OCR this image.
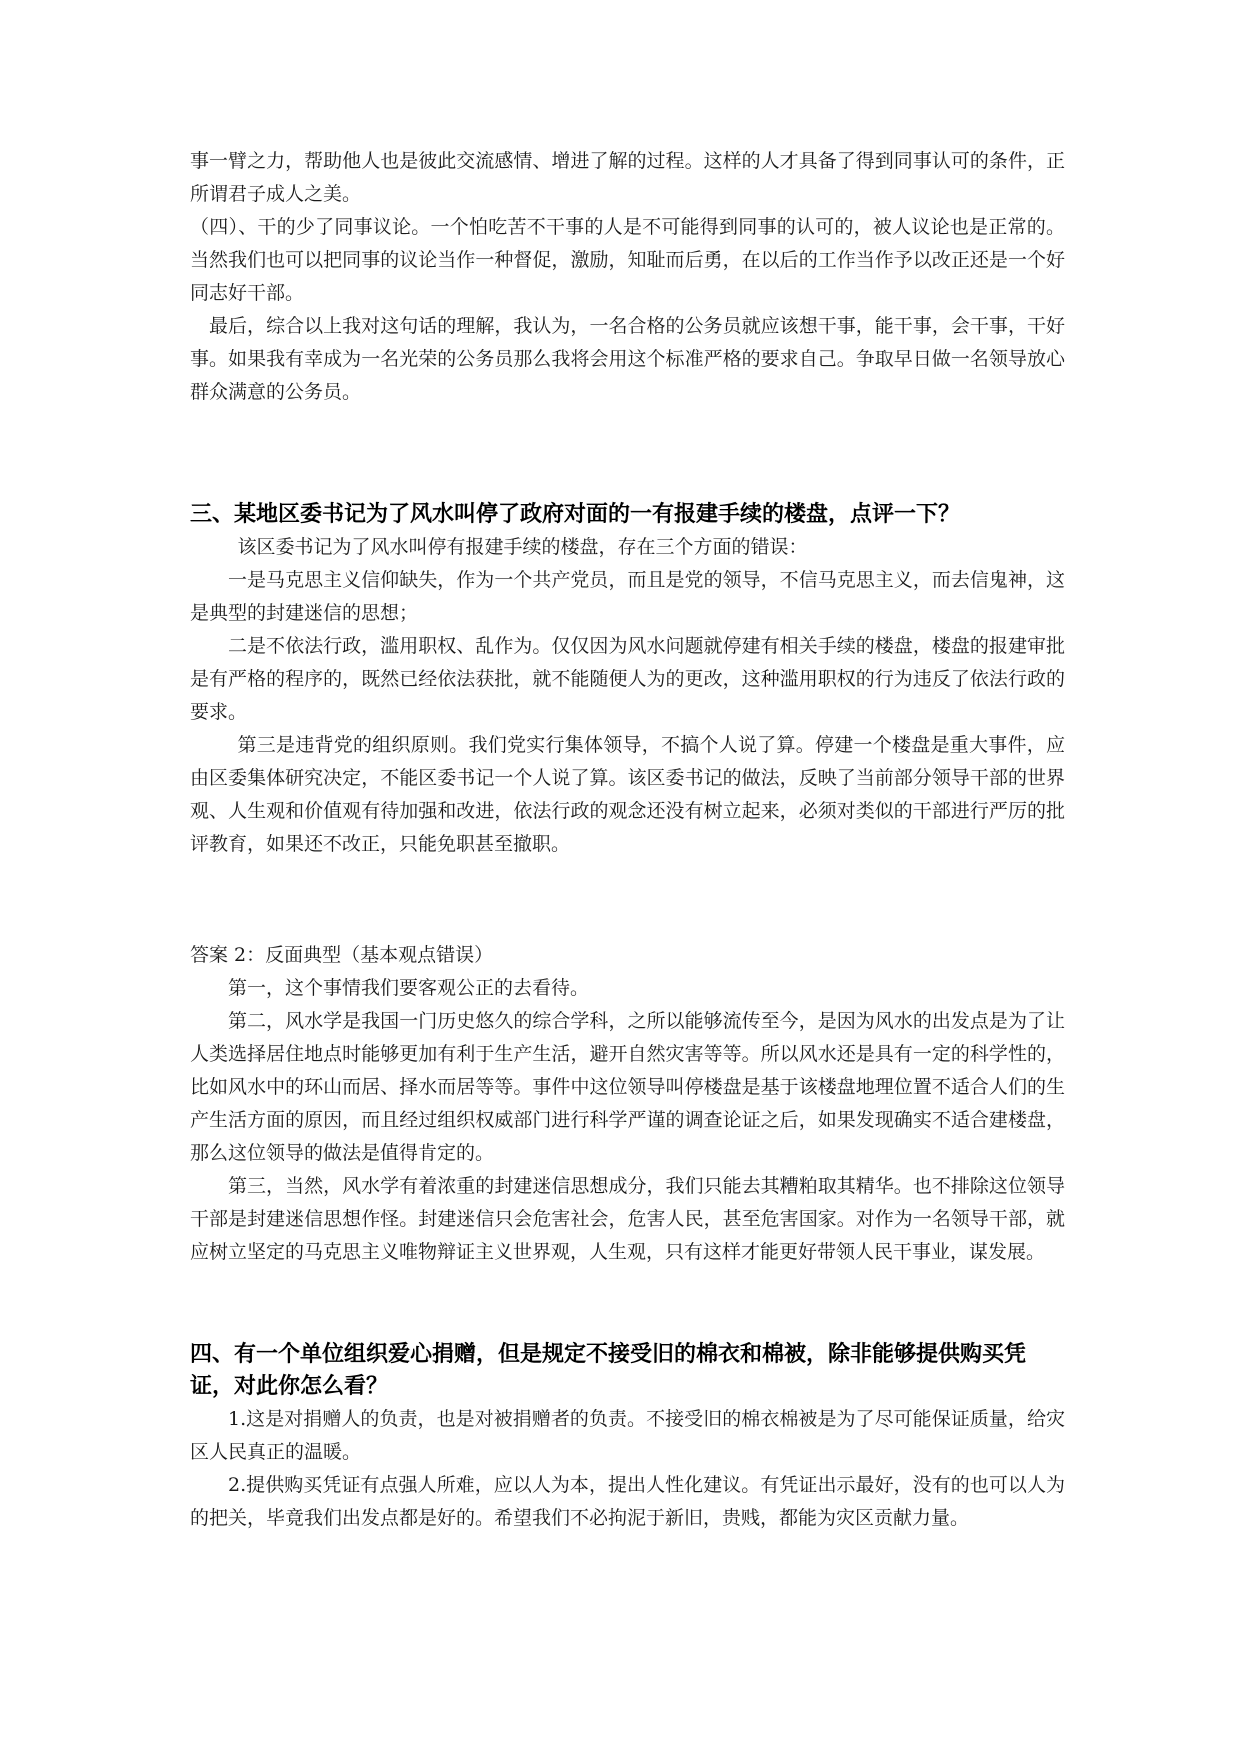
事一臂之力，帮助他人也是彼此交流感情、增进了解的过程。这样的人才具备了得到同事认可的条件，正所谓君子成人之美。

（四）、干的少了同事议论。一个怕吃苦不干事的人是不可能得到同事的认可的，被人议论也是正常的。当然我们也可以把同事的议论当作一种督促，激励，知耻而后勇，在以后的工作当作予以改正还是一个好同志好干部。

最后，综合以上我对这句话的理解，我认为，一名合格的公务员就应该想干事，能干事，会干事，干好事。如果我有幸成为一名光荣的公务员那么我将会用这个标准严格的要求自己。争取早日做一名领导放心群众满意的公务员。

三、某地区委书记为了风水叫停了政府对面的一有报建手续的楼盘，点评一下？

该区委书记为了风水叫停有报建手续的楼盘，存在三个方面的错误：

一是马克思主义信仰缺失，作为一个共产党员，而且是党的领导，不信马克思主义，而去信鬼神，这是典型的封建迷信的思想；

二是不依法行政，滥用职权、乱作为。仅仅因为风水问题就停建有相关手续的楼盘，楼盘的报建审批是有严格的程序的，既然已经依法获批，就不能随便人为的更改，这种滥用职权的行为违反了依法行政的要求。

第三是违背党的组织原则。我们党实行集体领导，不搞个人说了算。停建一个楼盘是重大事件，应由区委集体研究决定，不能区委书记一个人说了算。该区委书记的做法，反映了当前部分领导干部的世界观、人生观和价值观有待加强和改进，依法行政的观念还没有树立起来，必须对类似的干部进行严厉的批评教育，如果还不改正，只能免职甚至撤职。

答案 2：反面典型（基本观点错误）

第一，这个事情我们要客观公正的去看待。

第二，风水学是我国一门历史悠久的综合学科，之所以能够流传至今，是因为风水的出发点是为了让人类选择居住地点时能够更加有利于生产生活，避开自然灾害等等。所以风水还是具有一定的科学性的，比如风水中的环山而居、择水而居等等。事件中这位领导叫停楼盘是基于该楼盘地理位置不适合人们的生产生活方面的原因，而且经过组织权威部门进行科学严谨的调查论证之后，如果发现确实不适合建楼盘，那么这位领导的做法是值得肯定的。

第三，当然，风水学有着浓重的封建迷信思想成分，我们只能去其糟粕取其精华。也不排除这位领导干部是封建迷信思想作怪。封建迷信只会危害社会，危害人民，甚至危害国家。对作为一名领导干部，就应树立坚定的马克思主义唯物辩证主义世界观，人生观，只有这样才能更好带领人民干事业，谋发展。

四、有一个单位组织爱心捐赠，但是规定不接受旧的棉衣和棉被，除非能够提供购买凭证，对此你怎么看？

1.这是对捐赠人的负责，也是对被捐赠者的负责。不接受旧的棉衣棉被是为了尽可能保证质量，给灾区人民真正的温暖。

2.提供购买凭证有点强人所难，应以人为本，提出人性化建议。有凭证出示最好，没有的也可以人为的把关，毕竟我们出发点都是好的。希望我们不必拘泥于新旧，贵贱，都能为灾区贡献力量。
